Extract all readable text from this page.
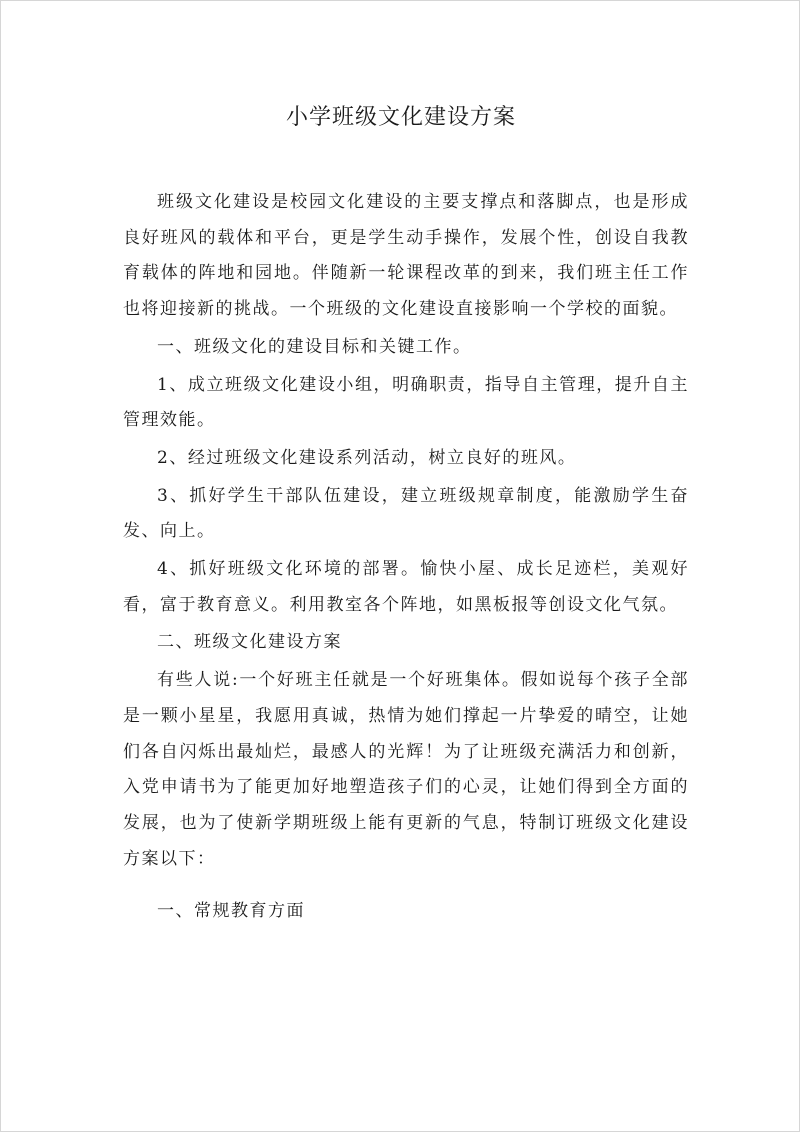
小学班级文化建设方案

班级文化建设是校园文化建设的主要支撑点和落脚点，也是形成良好班风的载体和平台，更是学生动手操作，发展个性，创设自我教育载体的阵地和园地。伴随新一轮课程改革的到来，我们班主任工作也将迎接新的挑战。一个班级的文化建设直接影响一个学校的面貌。

一、班级文化的建设目标和关键工作。

1、成立班级文化建设小组，明确职责，指导自主管理，提升自主管理效能。

2、经过班级文化建设系列活动，树立良好的班风。

3、抓好学生干部队伍建设，建立班级规章制度，能激励学生奋发、向上。

4、抓好班级文化环境的部署。愉快小屋、成长足迹栏，美观好看，富于教育意义。利用教室各个阵地，如黑板报等创设文化气氛。

二、班级文化建设方案

有些人说:一个好班主任就是一个好班集体。假如说每个孩子全部是一颗小星星，我愿用真诚，热情为她们撑起一片挚爱的晴空，让她们各自闪烁出最灿烂，最感人的光辉！为了让班级充满活力和创新，入党申请书为了能更加好地塑造孩子们的心灵，让她们得到全方面的发展，也为了使新学期班级上能有更新的气息，特制订班级文化建设方案以下：

一、常规教育方面
